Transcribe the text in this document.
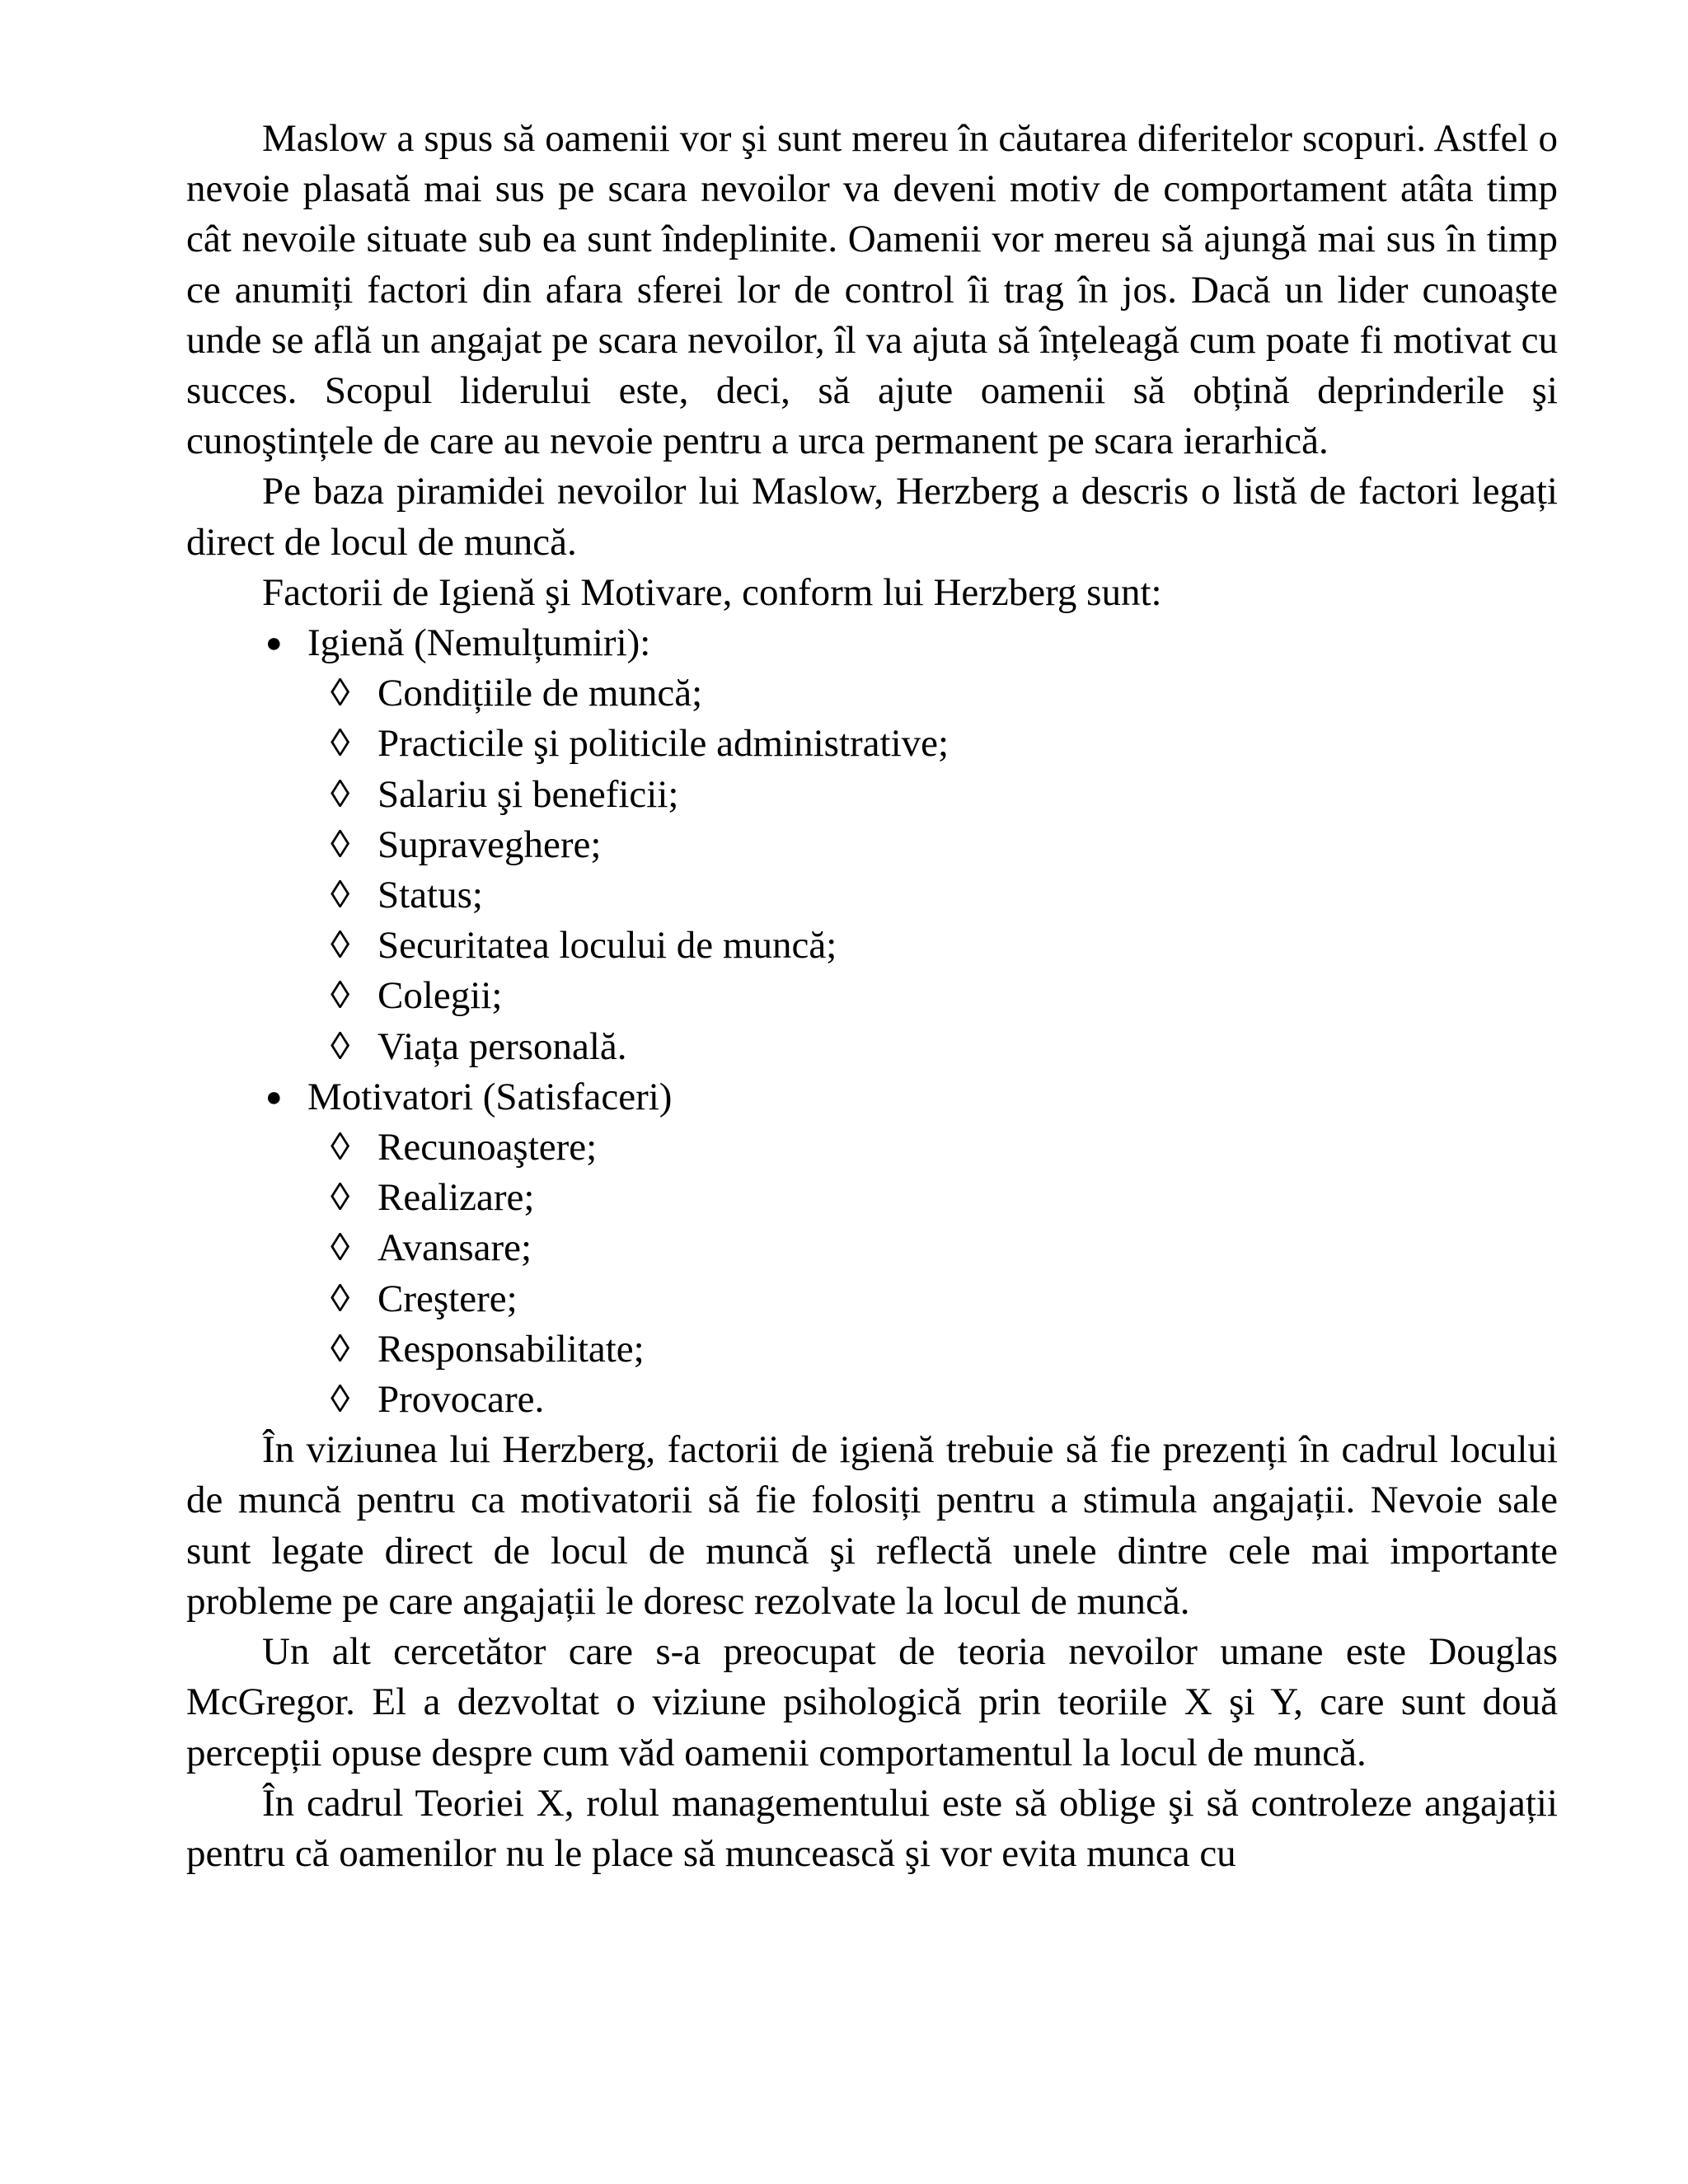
Maslow a spus să oamenii vor şi sunt mereu în căutarea diferitelor scopuri. Astfel o nevoie plasată mai sus pe scara nevoilor va deveni motiv de comportament atâta timp cât nevoile situate sub ea sunt îndeplinite. Oamenii vor mereu să ajungă mai sus în timp ce anumiți factori din afara sferei lor de control îi trag în jos. Dacă un lider cunoaşte unde se află un angajat pe scara nevoilor, îl va ajuta să înțeleagă cum poate fi motivat cu succes. Scopul liderului este, deci, să ajute oamenii să obțină deprinderile şi cunoştințele de care au nevoie pentru a urca permanent pe scara ierarhică.

Pe baza piramidei nevoilor lui Maslow, Herzberg a descris o listă de factori legați direct de locul de muncă.

Factorii de Igienă şi Motivare, conform lui Herzberg sunt:

● Igienă (Nemulțumiri):
◊ Condițiile de muncă;
◊ Practicile şi politicile administrative;
◊ Salariu şi beneficii;
◊ Supraveghere;
◊ Status;
◊ Securitatea locului de muncă;
◊ Colegii;
◊ Viața personală.
● Motivatori (Satisfaceri)
◊ Recunoaştere;
◊ Realizare;
◊ Avansare;
◊ Creştere;
◊ Responsabilitate;
◊ Provocare.

În viziunea lui Herzberg, factorii de igienă trebuie să fie prezenți în cadrul locului de muncă pentru ca motivatorii să fie folosiți pentru a stimula angajații. Nevoie sale sunt legate direct de locul de muncă şi reflectă unele dintre cele mai importante probleme pe care angajații le doresc rezolvate la locul de muncă.

Un alt cercetător care s-a preocupat de teoria nevoilor umane este Douglas McGregor. El a dezvoltat o viziune psihologică prin teoriile X şi Y, care sunt două percepții opuse despre cum văd oamenii comportamentul la locul de muncă.

În cadrul Teoriei X, rolul managementului este să oblige şi să controleze angajații pentru că oamenilor nu le place să muncească şi vor evita munca cu
